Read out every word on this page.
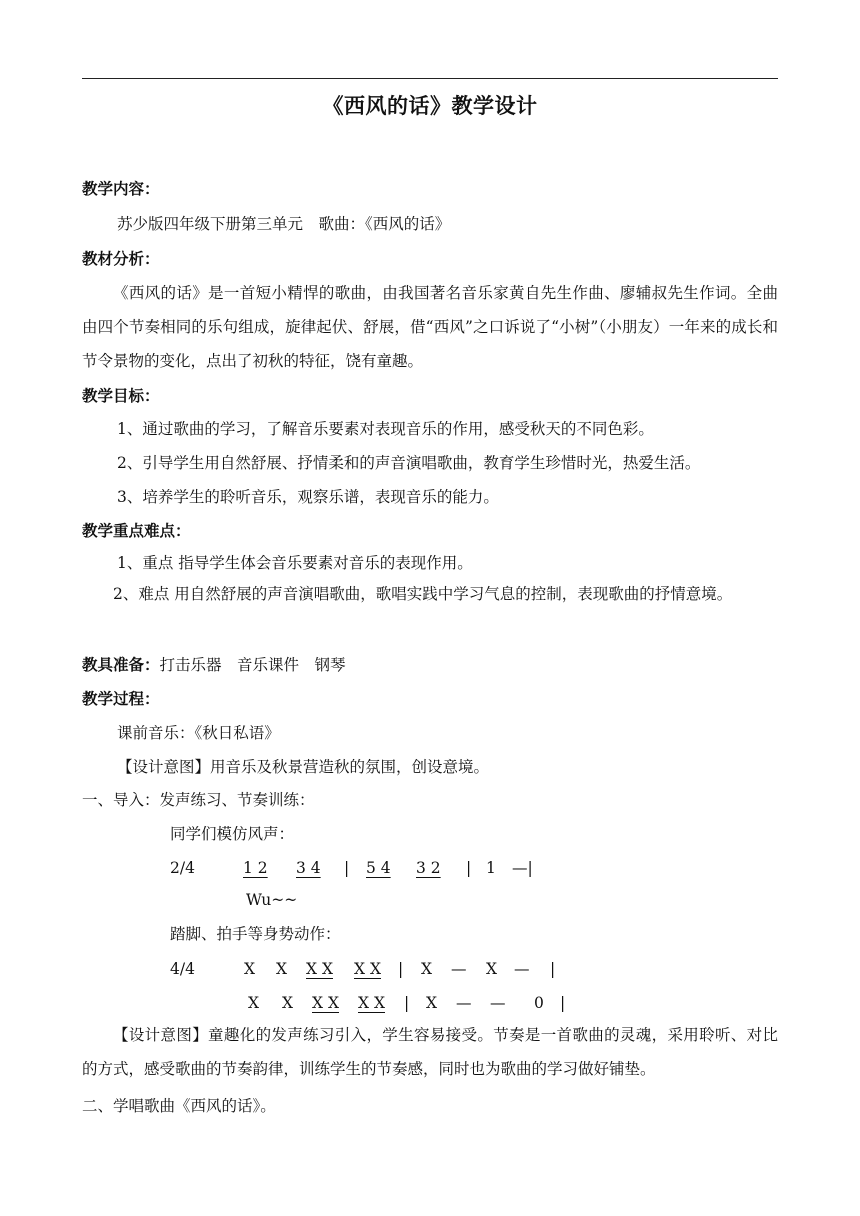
《西风的话》教学设计
教学内容：
苏少版四年级下册第三单元　歌曲：《西风的话》
教材分析：
《西风的话》是一首短小精悍的歌曲，由我国著名音乐家黄自先生作曲、廖辅叔先生作词。全曲由四个节奏相同的乐句组成，旋律起伏、舒展，借“西风”之口诉说了“小树”（小朋友）一年来的成长和节令景物的变化，点出了初秋的特征，饶有童趣。
教学目标：
1、通过歌曲的学习，了解音乐要素对表现音乐的作用，感受秋天的不同色彩。
2、引导学生用自然舒展、抒情柔和的声音演唱歌曲，教育学生珍惜时光，热爱生活。
3、培养学生的聆听音乐，观察乐谱，表现音乐的能力。
教学重点难点：
1、重点 指导学生体会音乐要素对音乐的表现作用。
2、难点 用自然舒展的声音演唱歌曲，歌唱实践中学习气息的控制，表现歌曲的抒情意境。
教具准备：打击乐器　音乐课件　钢琴
教学过程：
课前音乐：《秋日私语》
【设计意图】用音乐及秋景营造秋的氛围，创设意境。
一、导入：发声练习、节奏训练：
同学们模仿风声：
2/4	1 2 3 4 | 5 4 3 2 | 1 —|
Wu~~
踏脚、拍手等身势动作：
4/4	X X X X X X | X — X — |
X X X X X X | X — — 0 |
【设计意图】童趣化的发声练习引入，学生容易接受。节奏是一首歌曲的灵魂，采用聆听、对比的方式，感受歌曲的节奏韵律，训练学生的节奏感，同时也为歌曲的学习做好铺垫。
二、学唱歌曲《西风的话》。
